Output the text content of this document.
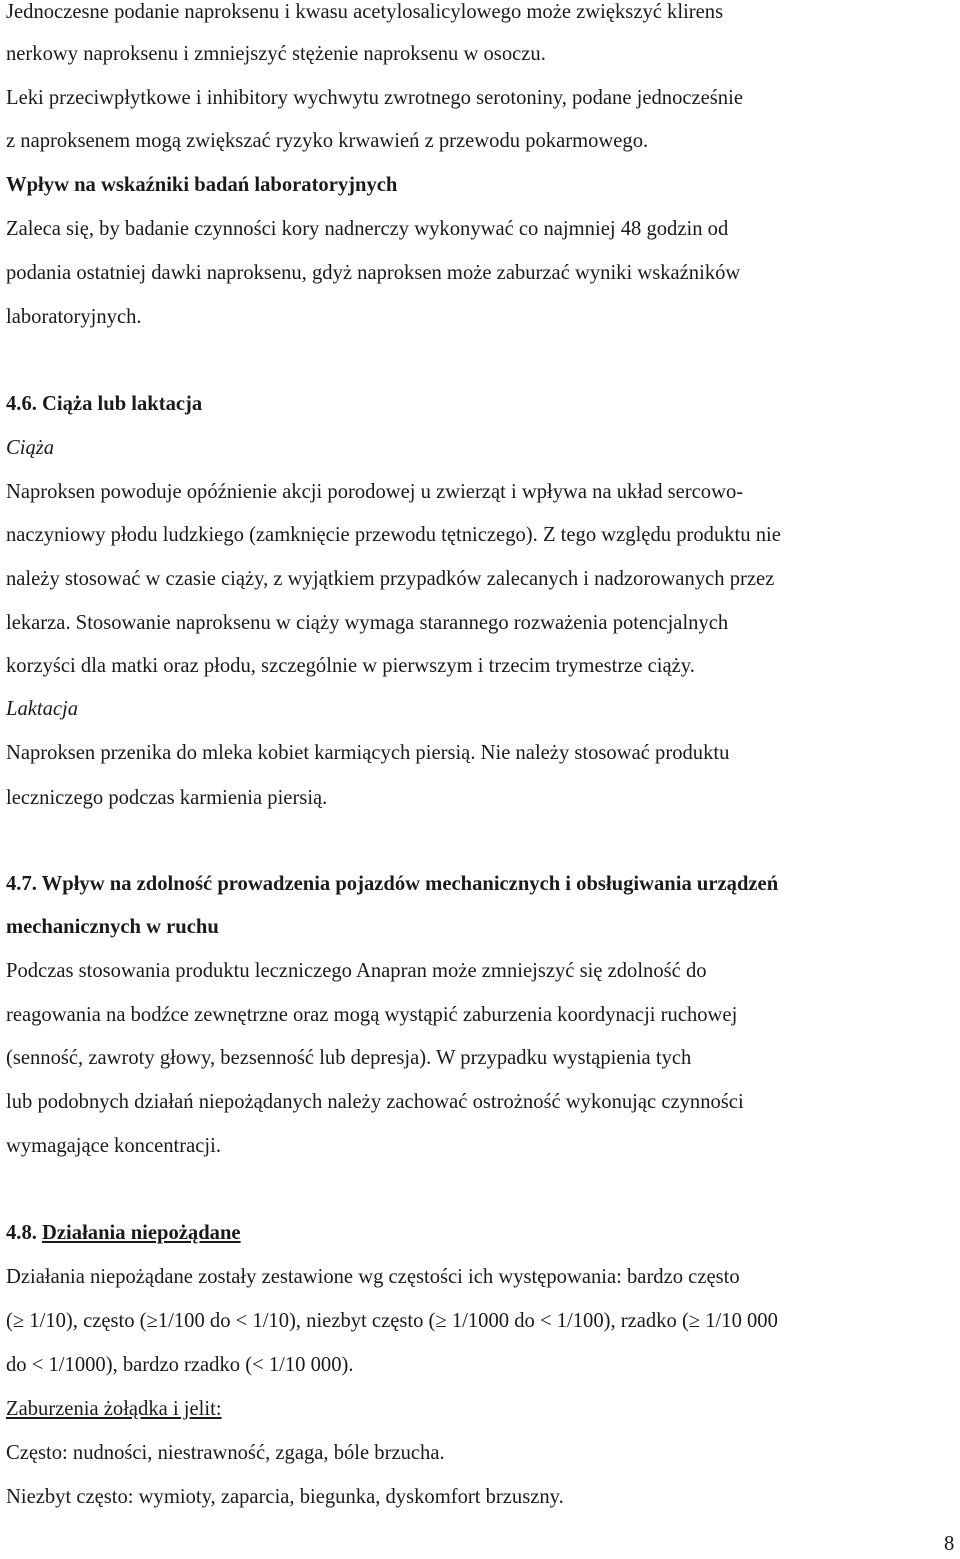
Jednoczesne podanie naproksenu i kwasu acetylosalicylowego może zwiększyć klirens
nerkowy naproksenu i zmniejszyć stężenie naproksenu w osoczu.
Leki przeciwpłytkowe i inhibitory wychwytu zwrotnego serotoniny, podane jednocześnie
z naproksenem mogą zwiększać ryzyko krwawień z przewodu pokarmowego.
Wpływ na wskaźniki badań laboratoryjnych
Zaleca się, by badanie czynności kory nadnerczy wykonywać co najmniej 48 godzin od
podania ostatniej dawki naproksenu, gdyż naproksen może zaburzać wyniki wskaźników
laboratoryjnych.
4.6. Ciąża lub laktacja
Ciąża
Naproksen powoduje opóźnienie akcji porodowej u zwierząt i wpływa na układ sercowo-
naczyniowy płodu ludzkiego (zamknięcie przewodu tętniczego). Z tego względu produktu nie
należy stosować w czasie ciąży, z wyjątkiem przypadków zalecanych i nadzorowanych przez
lekarza. Stosowanie naproksenu w ciąży wymaga starannego rozważenia potencjalnych
korzyści dla matki oraz płodu, szczególnie w pierwszym i trzecim trymestrze ciąży.
Laktacja
Naproksen przenika do mleka kobiet karmiących piersią. Nie należy stosować produktu
leczniczego podczas karmienia piersią.
4.7. Wpływ na zdolność prowadzenia pojazdów mechanicznych i obsługiwania urządzeń
mechanicznych w ruchu
Podczas stosowania produktu leczniczego Anapran może zmniejszyć się zdolność do
reagowania na bodźce zewnętrzne oraz mogą wystąpić zaburzenia koordynacji ruchowej
(senność, zawroty głowy, bezsenność lub depresja). W przypadku wystąpienia tych
lub podobnych działań niepożądanych należy zachować ostrożność wykonując czynności
wymagające koncentracji.
4.8. Działania niepożądane
Działania niepożądane zostały zestawione wg częstości ich występowania: bardzo często
(≥ 1/10), często (≥1/100 do < 1/10), niezbyt często (≥ 1/1000 do < 1/100), rzadko (≥ 1/10 000
do < 1/1000), bardzo rzadko (< 1/10 000).
Zaburzenia żołądka i jelit:
Często: nudności, niestrawność, zgaga, bóle brzucha.
Niezbyt często: wymioty, zaparcia, biegunka, dyskomfort brzuszny.
8
